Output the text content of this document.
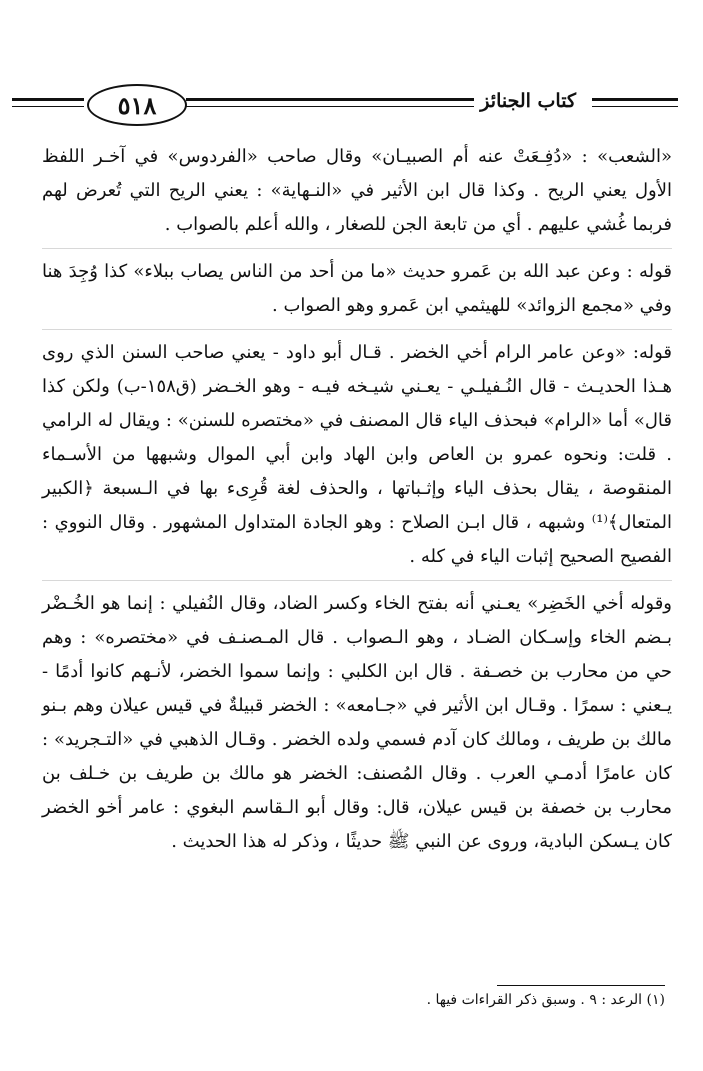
٥١٨	كتاب الجنائز

«الشعب» : «دُفِـعَتْ عنه أم الصبيـان» وقال صاحب «الفردوس» في آخـر اللفظ الأول يعني الريح . وكذا قال ابن الأثير في «النـهاية» : يعني الريح التي تُعرض لهم فربما غُشي عليهم . أي من تابعة الجن للصغار ، والله أعلم بالصواب .

قوله : وعن عبد الله بن عَمرو حديث «ما من أحد من الناس يصاب ببلاء» كذا وُجِدَ هنا وفي «مجمع الزوائد» للهيثمي ابن عَمرو وهو الصواب .

قوله: «وعن عامر الرام أخي الخضر . قـال أبو داود - يعني صاحب السنن الذي روى هـذا الحديـث - قال النُـفيلـي - يعـني شيـخه فيـه - وهو الخـضر (ق١٥٨-ب) ولكن كذا قال» أما «الرام» فبحذف الياء قال المصنف في «مختصره للسنن» : ويقال له الرامي . قلت: ونحوه عمرو بن العاص وابن الهاد وابن أبي الموال وشبهها من الأسـماء المنقوصة ، يقال بحذف الياء وإثـباتها ، والحذف لغة قُرِىء بها في الـسبعة ﴿الكبير المتعال﴾⁽¹⁾ وشبهه ، قال ابـن الصلاح : وهو الجادة المتداول المشهور . وقال النووي : الفصيح الصحيح إثبات الياء في كله .

وقوله أخي الخَضِر» يعـني أنه بفتح الخاء وكسر الضاد، وقال النُفيلي : إنما هو الخُـضْر بـضم الخاء وإسـكان الضـاد ، وهو الـصواب . قال المـصنـف في «مختصره» : وهم حي من محارب بن خصـفة . قال ابن الكلبي : وإنما سموا الخضر، لأنـهم كانوا أدمًا - يـعني : سمرًا . وقـال ابن الأثير في «جـامعه» : الخضر قبيلةٌ في قيس عيلان وهم بـنو مالك بن طريف ، ومالك كان آدم فسمي ولده الخضر . وقـال الذهبي في «التـجريد» : كان عامرًا أدمـي العرب . وقال المُصنف: الخضر هو مالك بن طريف بن خـلف بن محارب بن خصفة بن قيس عيلان، قال: وقال أبو الـقاسم البغوي : عامر أخو الخضر كان يـسكن البادية، وروى عن النبي ﷺ حديثًا ، وذكر له هذا الحديث .

(١) الرعد : ٩ . وسبق ذكر القراءات فيها .
